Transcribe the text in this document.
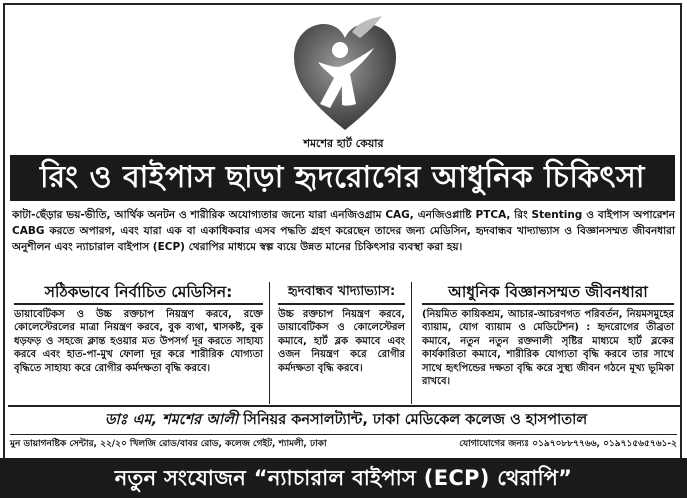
শমশের হার্ট কেয়ার
রিং ও বাইপাস ছাড়া হৃদরোগের আধুনিক চিকিৎসা
কাটা-ছেঁড়ার ভয়-ভীতি, আর্থিক অনটন ও শারীরিক অযোগ্যতার জন্যে যারা এনজিওগ্রাম CAG, এনজিওপ্লাষ্টি PTCA, রিং Stenting ও বাইপাস অপারেশন CABG করতে অপারগ, এবং যারা এক বা একাধিকবার এসব পদ্ধতি গ্রহণ করেছেন তাদের জন্য মেডিসিন, হৃদবান্ধব খাদ্যাভ্যাস ও বিজ্ঞানসম্মত জীবনধারা অনুশীলন এবং ন্যাচারাল বাইপাস (ECP) থেরাপির মাধ্যমে স্বল্প ব্যয়ে উন্নত মানের চিকিৎসার ব্যবস্থা করা হয়।
সঠিকভাবে নির্বাচিত মেডিসিন:
ডায়াবেটিকস ও উচ্চ রক্তচাপ নিয়ন্ত্রণ করবে, রক্তে কোলেস্টেরলের মাত্রা নিয়ন্ত্রণ করবে, বুক ব্যথা, শ্বাসকষ্ট, বুক ধড়ফড় ও সহজে ক্লান্ত হওয়ার মত উপসর্গ দূর করতে সাহায্য করবে এবং হাত-পা-মুখ ফোলা দূর করে শারীরিক যোগ্যতা বৃদ্ধিতে সাহায্য করে রোগীর কর্মদক্ষতা বৃদ্ধি করবে।
হৃদবান্ধব খাদ্যাভ্যাস:
উচ্চ রক্তচাপ নিয়ন্ত্রণ করবে, ডায়াবেটিকস ও কোলেস্টেরল কমাবে, হার্ট ব্লক কমাবে এবং ওজন নিয়ন্ত্রণ করে রোগীর কর্মদক্ষতা বৃদ্ধি করবে।
আধুনিক বিজ্ঞানসম্মত জীবনধারা
(নিয়মিত কায়িকশ্রম, আচার-আচরণগত পরিবর্তন, নিয়মসমুহের ব্যায়াম, যোগ ব্যায়াম ও মেডিটেশন) : হৃদরোগের তীব্রতা কমাবে, নতুন নতুন রক্তনালী সৃষ্টির মাধ্যমে হার্ট ব্লকের কার্যকারিতা কমাবে, শারীরিক যোগ্যতা বৃদ্ধি করবে তার সাথে সাথে হৃৎপিন্ডের দক্ষতা বৃদ্ধি করে সুস্থ্য জীবন গঠনে মূখ্য ভূমিকা রাখবে।
ডাঃ এম, শমশের আলী সিনিয়র কনসালট্যান্ট, ঢাকা মেডিকেল কলেজ ও হাসপাতাল
মুন ডায়াগনষ্টিক সেন্টার, ২২/২০ খিলজি রোড/বাবর রোড, কলেজ গেইট, শ্যামলী, ঢাকা	যোগাযোগের জন্যঃ ০১৯৭০৮৮৭৭৬৬, ০১৯৭১৫৬৫৭৬১-২
নতুন সংযোজন “ন্যাচারাল বাইপাস (ECP) থেরাপি”
